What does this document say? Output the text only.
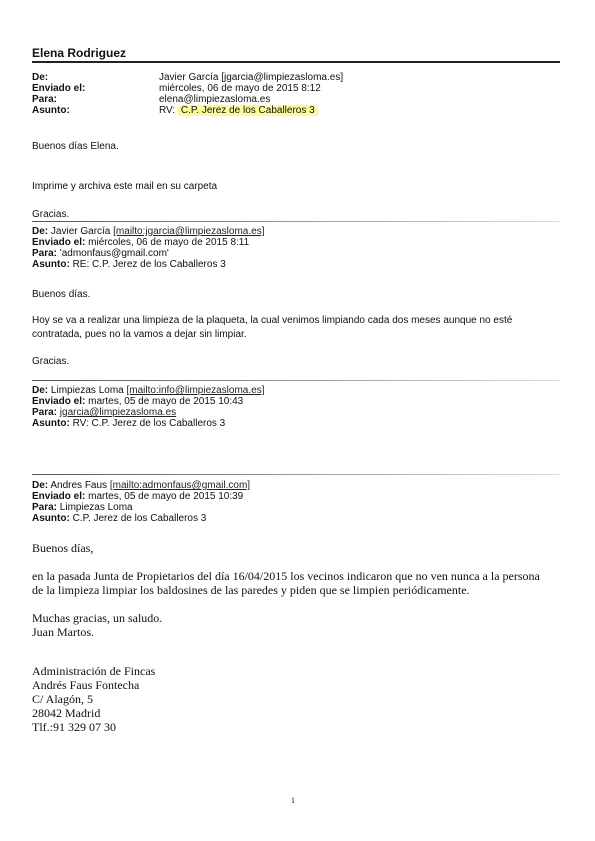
Elena Rodriguez
De:	Javier García [jgarcia@limpiezasloma.es]
Enviado el:	miércoles, 06 de mayo de 2015 8:12
Para:	elena@limpiezasloma.es
Asunto:	RV: C.P. Jerez de los Caballeros 3
Buenos días Elena.
Imprime y archiva este mail en su carpeta
Gracias.
De: Javier García [mailto:jgarcia@limpiezasloma.es]
Enviado el: miércoles, 06 de mayo de 2015 8:11
Para: 'admonfaus@gmail.com'
Asunto: RE: C.P. Jerez de los Caballeros 3
Buenos días.
Hoy se va a realizar una limpieza de la plaqueta, la cual venimos limpiando cada dos meses aunque no esté
contratada, pues no la vamos a dejar sin limpiar.
Gracias.
De: Limpiezas Loma [mailto:info@limpiezasloma.es]
Enviado el: martes, 05 de mayo de 2015 10:43
Para: jgarcia@limpiezasloma.es
Asunto: RV: C.P. Jerez de los Caballeros 3
De: Andres Faus [mailto:admonfaus@gmail.com]
Enviado el: martes, 05 de mayo de 2015 10:39
Para: Limpiezas Loma
Asunto: C.P. Jerez de los Caballeros 3
Buenos días,
en la pasada Junta de Propietarios del día 16/04/2015 los vecinos indicaron que no ven nunca a la persona
de la limpieza limpiar los baldosines de las paredes y piden que se limpien periódicamente.
Muchas gracias, un saludo.
Juan Martos.
Administración de Fincas
Andrés Faus Fontecha
C/ Alagón, 5
28042 Madrid
Tlf.:91 329 07 30
1
